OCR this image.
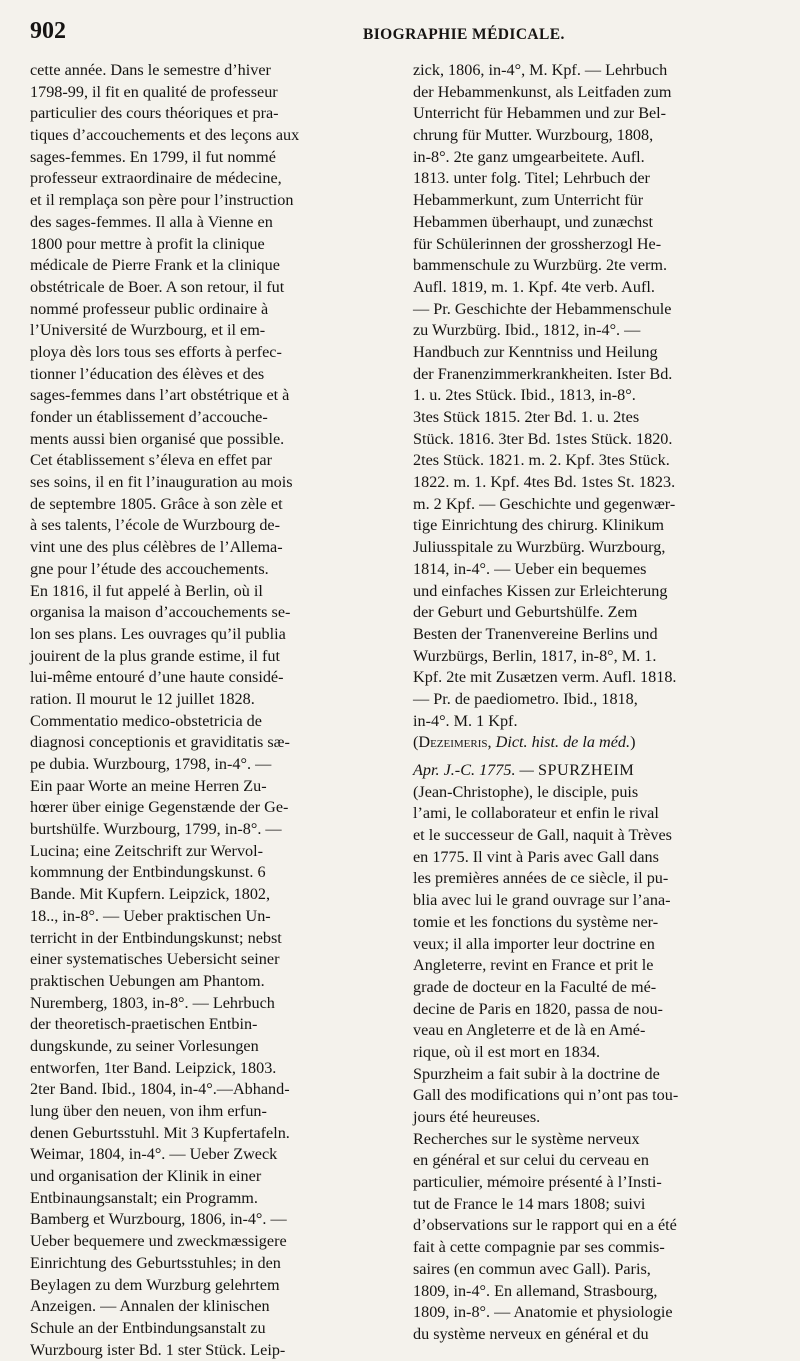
902	BIOGRAPHIE MÉDICALE.
cette année. Dans le semestre d’hiver
1798-99, il fit en qualité de professeur
particulier des cours théoriques et pra-
tiques d’accouchements et des leçons aux
sages-femmes. En 1799, il fut nommé
professeur extraordinaire de médecine,
et il remplaça son père pour l’instruction
des sages-femmes. Il alla à Vienne en
1800 pour mettre à profit la clinique
médicale de Pierre Frank et la clinique
obstétricale de Boer. A son retour, il fut
nommé professeur public ordinaire à
l’Université de Wurzbourg, et il em-
ploya dès lors tous ses efforts à perfec-
tionner l’éducation des élèves et des
sages-femmes dans l’art obstétrique et à
fonder un établissement d’accouche-
ments aussi bien organisé que possible.
Cet établissement s’éleva en effet par
ses soins, il en fit l’inauguration au mois
de septembre 1805. Grâce à son zèle et
à ses talents, l’école de Wurzbourg de-
vint une des plus célèbres de l’Allema-
gne pour l’étude des accouchements.
En 1816, il fut appelé à Berlin, où il
organisa la maison d’accouchements se-
lon ses plans. Les ouvrages qu’il publia
jouirent de la plus grande estime, il fut
lui-même entouré d’une haute considé-
ration. Il mourut le 12 juillet 1828.
Commentatio medico-obstetricia de
diagnosi conceptionis et graviditatis sæ-
pe dubia. Wurzbourg, 1798, in-4°. —
Ein paar Worte an meine Herren Zu-
hœrer über einige Gegenstænde der Ge-
burtshülfe. Wurzbourg, 1799, in-8°. —
Lucina; eine Zeitschrift zur Wervol-
kommnung der Entbindungskunst. 6
Bande. Mit Kupfern. Leipzick, 1802,
18.., in-8°. — Ueber praktischen Un-
terricht in der Entbindungskunst; nebst
einer systematisches Uebersicht seiner
praktischen Uebungen am Phantom.
Nuremberg, 1803, in-8°. — Lehrbuch
der theoretisch-praetischen Entbin-
dungskunde, zu seiner Vorlesungen
entworfen, 1ter Band. Leipzick, 1803.
2ter Band. Ibid., 1804, in-4°.—Abhand-
lung über den neuen, von ihm erfun-
denen Geburtsstuhl. Mit 3 Kupfertafeln.
Weimar, 1804, in-4°. — Ueber Zweck
und organisation der Klinik in einer
Entbinaungsanstalt; ein Programm.
Bamberg et Wurzbourg, 1806, in-4°. —
Ueber bequemere und zweckmæssigere
Einrichtung des Geburtsstuhles; in den
Beylagen zu dem Wurzburg gelehrtem
Anzeigen. — Annalen der klinischen
Schule an der Entbindungsanstalt zu
Wurzbourg ister Bd. 1 ster Stück. Leip-
zick, 1806, in-4°, M. Kpf. — Lehrbuch
der Hebammenkunst, als Leitfaden zum
Unterricht für Hebammen und zur Bel-
chrung für Mutter. Wurzbourg, 1808,
in-8°. 2te ganz umgearbeitete. Aufl.
1813. unter folg. Titel; Lehrbuch der
Hebammerkunt, zum Unterricht für
Hebammen überhaupt, und zunæchst
für Schülerinnen der grossherzogl He-
bammenschule zu Wurzbürg. 2te verm.
Aufl. 1819, m. 1. Kpf. 4te verb. Aufl.
— Pr. Geschichte der Hebammenschule
zu Wurzbürg. Ibid., 1812, in-4°. —
Handbuch zur Kenntniss und Heilung
der Franenzimmerkrankheiten. Ister Bd.
1. u. 2tes Stück. Ibid., 1813, in-8°.
3tes Stück 1815. 2ter Bd. 1. u. 2tes
Stück. 1816. 3ter Bd. 1stes Stück. 1820.
2tes Stück. 1821. m. 2. Kpf. 3tes Stück.
1822. m. 1. Kpf. 4tes Bd. 1stes St. 1823.
m. 2 Kpf. — Geschichte und gegenwær-
tige Einrichtung des chirurg. Klinikum
Juliusspitale zu Wurzbürg. Wurzbourg,
1814, in-4°. — Ueber ein bequemes
und einfaches Kissen zur Erleichterung
der Geburt und Geburtshülfe. Zem
Besten der Tranenvereine Berlins und
Wurzbürgs, Berlin, 1817, in-8°, M. 1.
Kpf. 2te mit Zusætzen verm. Aufl. 1818.
— Pr. de paediometro. Ibid., 1818,
in-4°. M. 1 Kpf.
(Dezeimeris, Dict. hist. de la méd.)
Apr. J.-C. 1775. — SPURZHEIM
(Jean-Christophe), le disciple, puis
l’ami, le collaborateur et enfin le rival
et le successeur de Gall, naquit à Trèves
en 1775. Il vint à Paris avec Gall dans
les premières années de ce siècle, il pu-
blia avec lui le grand ouvrage sur l’ana-
tomie et les fonctions du système ner-
veux; il alla importer leur doctrine en
Angleterre, revint en France et prit le
grade de docteur en la Faculté de mé-
decine de Paris en 1820, passa de nou-
veau en Angleterre et de là en Amé-
rique, où il est mort en 1834.
Spurzheim a fait subir à la doctrine de
Gall des modifications qui n’ont pas tou-
jours été heureuses.
Recherches sur le système nerveux
en général et sur celui du cerveau en
particulier, mémoire présenté à l’Insti-
tut de France le 14 mars 1808; suivi
d’observations sur le rapport qui en a été
fait à cette compagnie par ses commis-
saires (en commun avec Gall). Paris,
1809, in-4°. En allemand, Strasbourg,
1809, in-8°. — Anatomie et physiologie
du système nerveux en général et du
